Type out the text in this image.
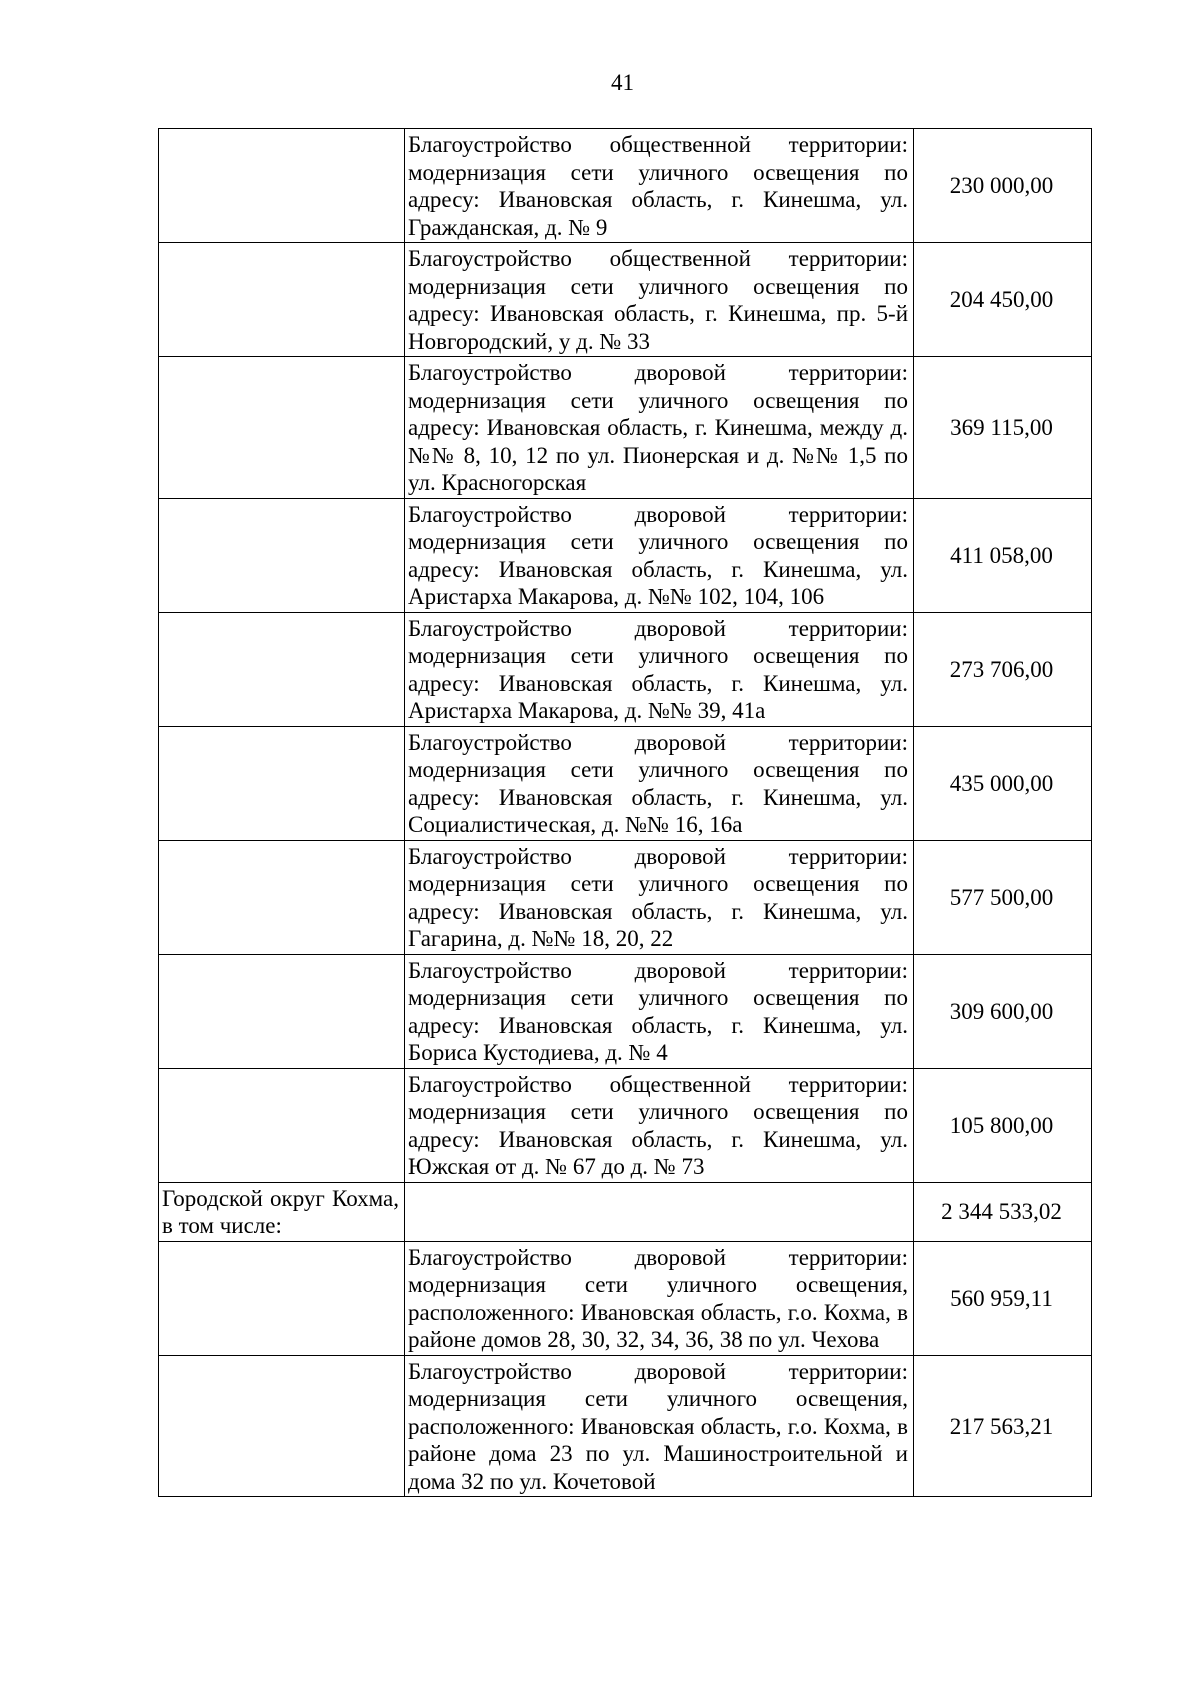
41
	Благоустройство общественной территории: модернизация сети уличного освещения по адресу: Ивановская область, г. Кинешма, ул. Гражданская, д. № 9	230 000,00
	Благоустройство общественной территории: модернизация сети уличного освещения по адресу: Ивановская область, г. Кинешма, пр. 5-й Новгородский, у д. № 33	204 450,00
	Благоустройство дворовой территории: модернизация сети уличного освещения по адресу: Ивановская область, г. Кинешма, между д. №№ 8, 10, 12 по ул. Пионерская и д. №№ 1,5 по ул. Красногорская	369 115,00
	Благоустройство дворовой территории: модернизация сети уличного освещения по адресу: Ивановская область, г. Кинешма, ул. Аристарха Макарова, д. №№ 102, 104, 106	411 058,00
	Благоустройство дворовой территории: модернизация сети уличного освещения по адресу: Ивановская область, г. Кинешма, ул. Аристарха Макарова, д. №№ 39, 41а	273 706,00
	Благоустройство дворовой территории: модернизация сети уличного освещения по адресу: Ивановская область, г. Кинешма, ул. Социалистическая, д. №№ 16, 16а	435 000,00
	Благоустройство дворовой территории: модернизация сети уличного освещения по адресу: Ивановская область, г. Кинешма, ул. Гагарина, д. №№ 18, 20, 22	577 500,00
	Благоустройство дворовой территории: модернизация сети уличного освещения по адресу: Ивановская область, г. Кинешма, ул. Бориса Кустодиева, д. № 4	309 600,00
	Благоустройство общественной территории: модернизация сети уличного освещения по адресу: Ивановская область, г. Кинешма, ул. Южская от д. № 67 до д. № 73	105 800,00
Городской округ Кохма, в том числе:		2 344 533,02
	Благоустройство дворовой территории: модернизация сети уличного освещения, расположенного: Ивановская область, г.о. Кохма, в районе домов 28, 30, 32, 34, 36, 38 по ул. Чехова	560 959,11
	Благоустройство дворовой территории: модернизация сети уличного освещения, расположенного: Ивановская область, г.о. Кохма, в районе дома 23 по ул. Машиностроительной и дома 32 по ул. Кочетовой	217 563,21
